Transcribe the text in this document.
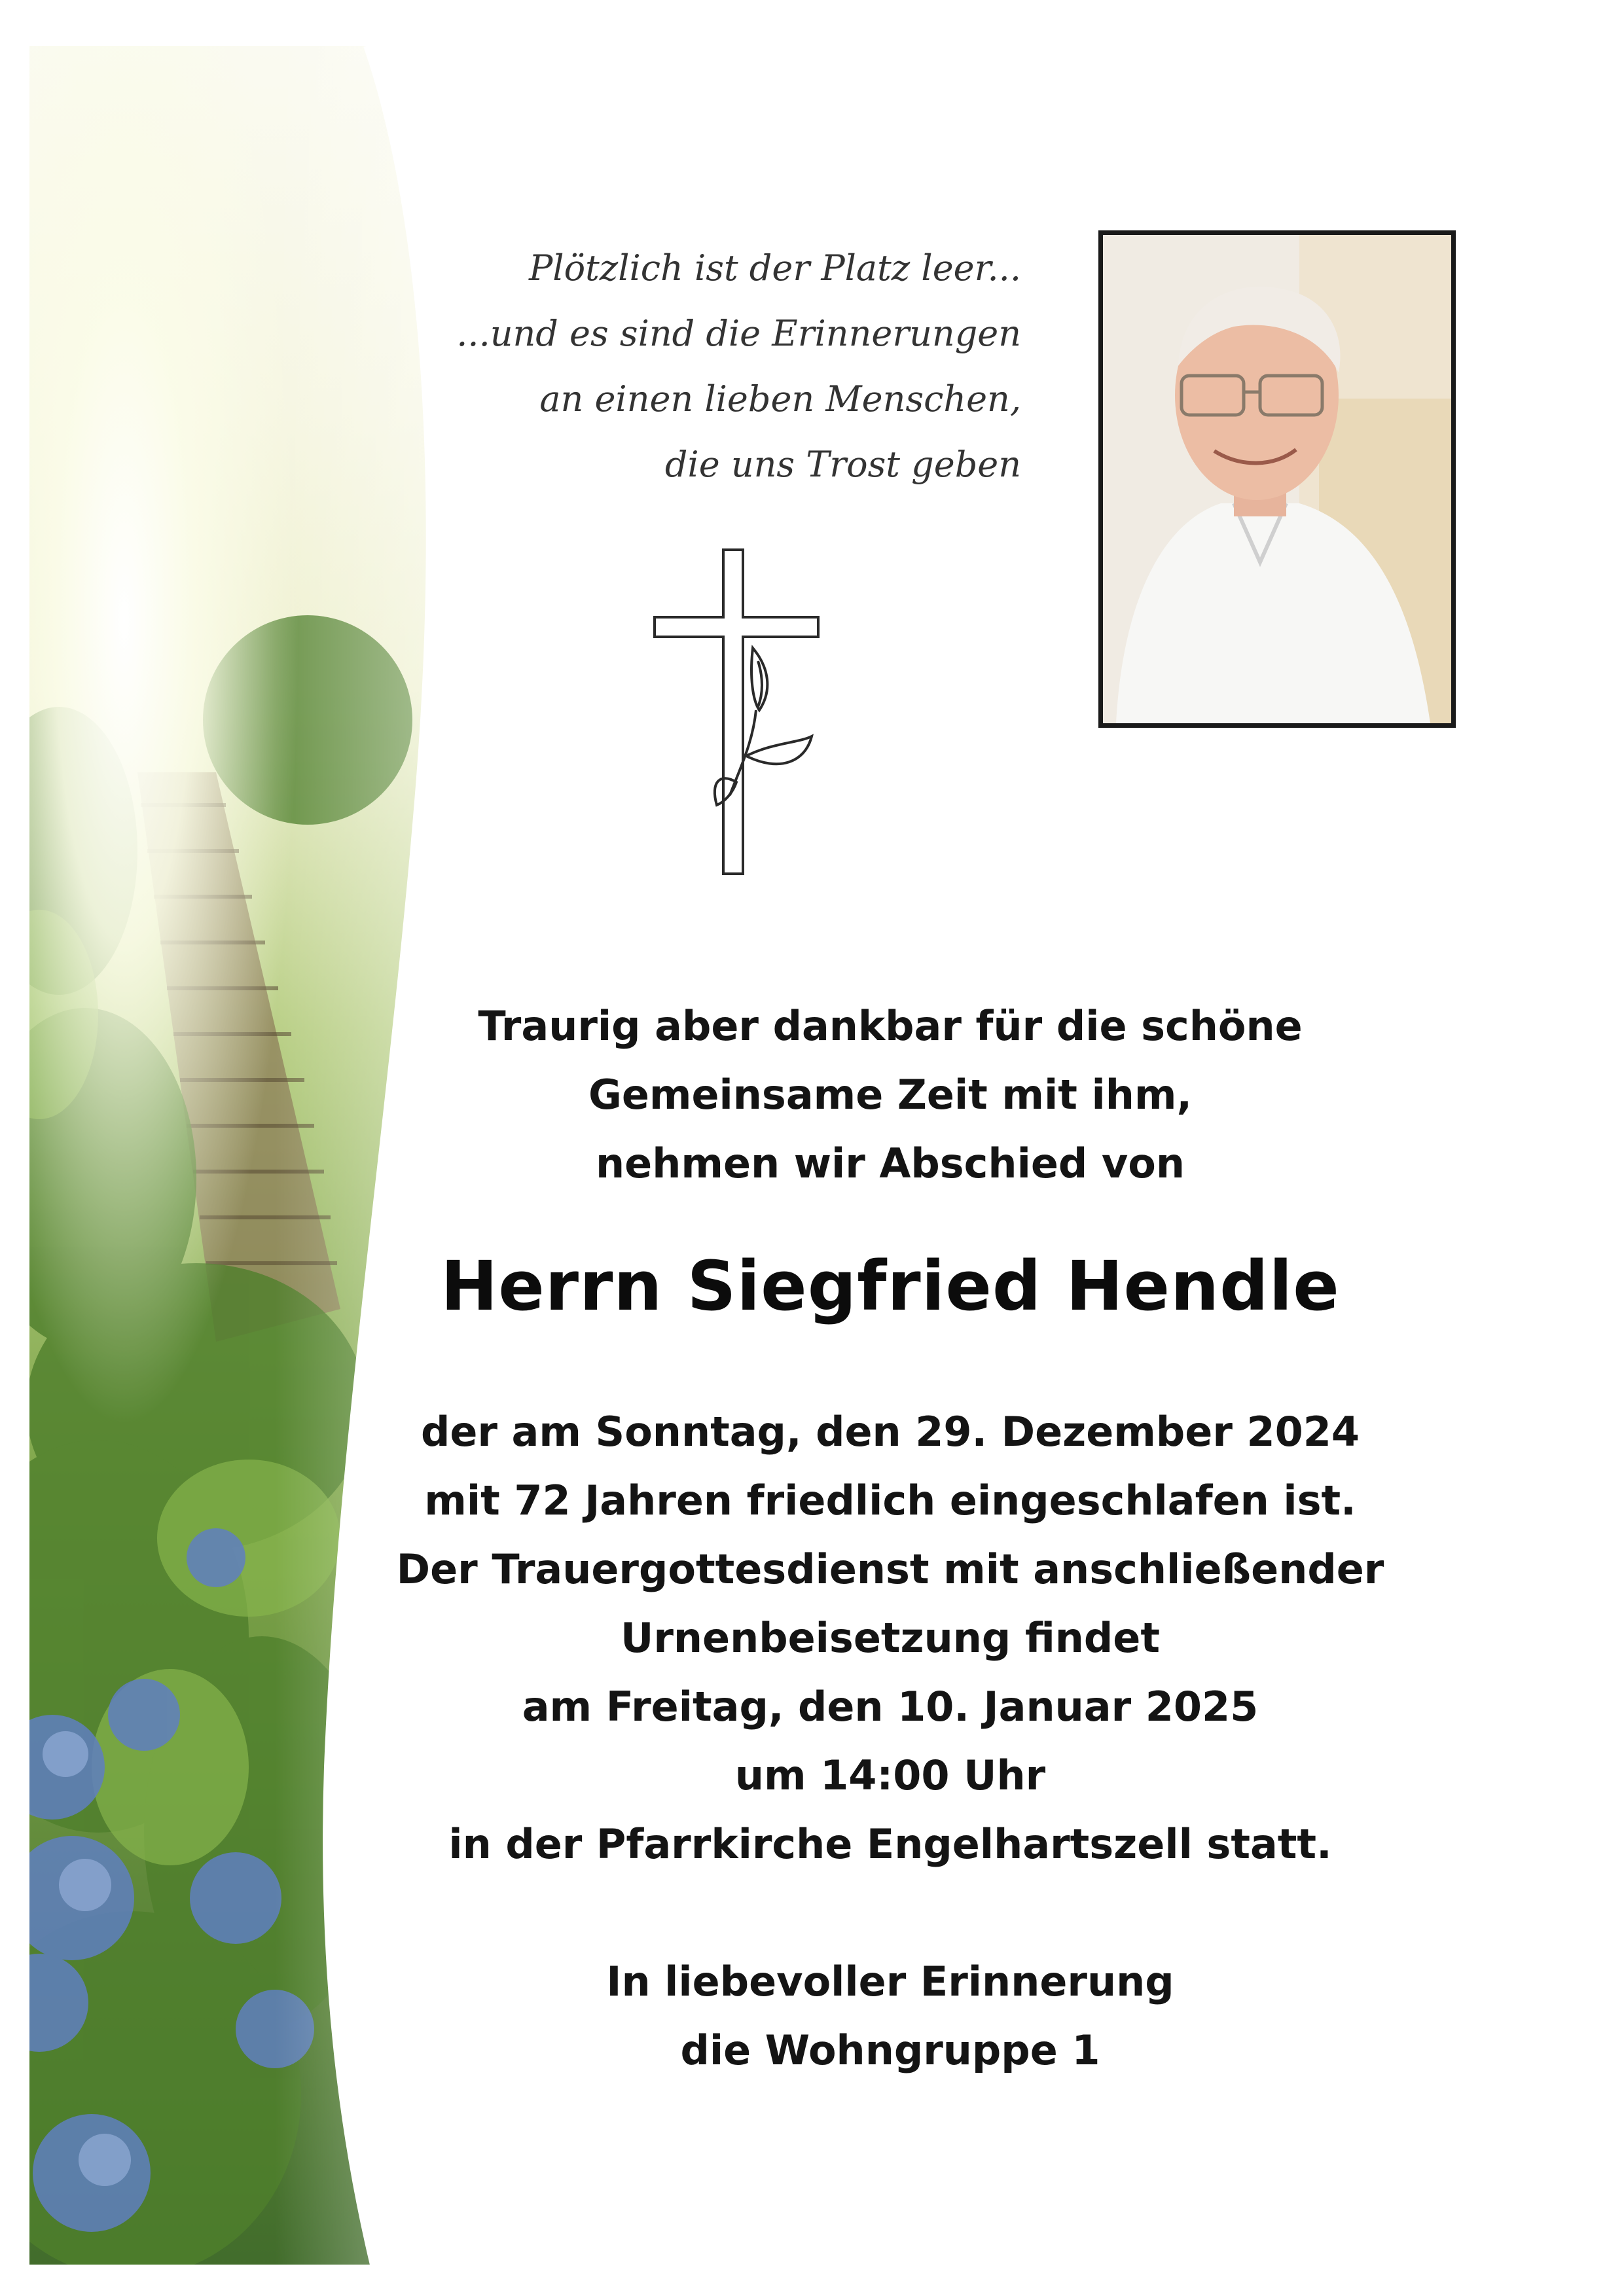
Plötzlich ist der Platz leer...
...und es sind die Erinnerungen
an einen lieben Menschen,
die uns Trost geben
Traurig aber dankbar für die schöne
Gemeinsame Zeit mit ihm,
nehmen wir Abschied von
Herrn Siegfried Hendle
der am Sonntag, den 29. Dezember 2024
mit 72 Jahren friedlich eingeschlafen ist.
Der Trauergottesdienst mit anschließender
Urnenbeisetzung findet
am Freitag, den 10. Januar 2025
um 14:00 Uhr
in der Pfarrkirche Engelhartszell statt.
In liebevoller Erinnerung
die Wohngruppe 1
